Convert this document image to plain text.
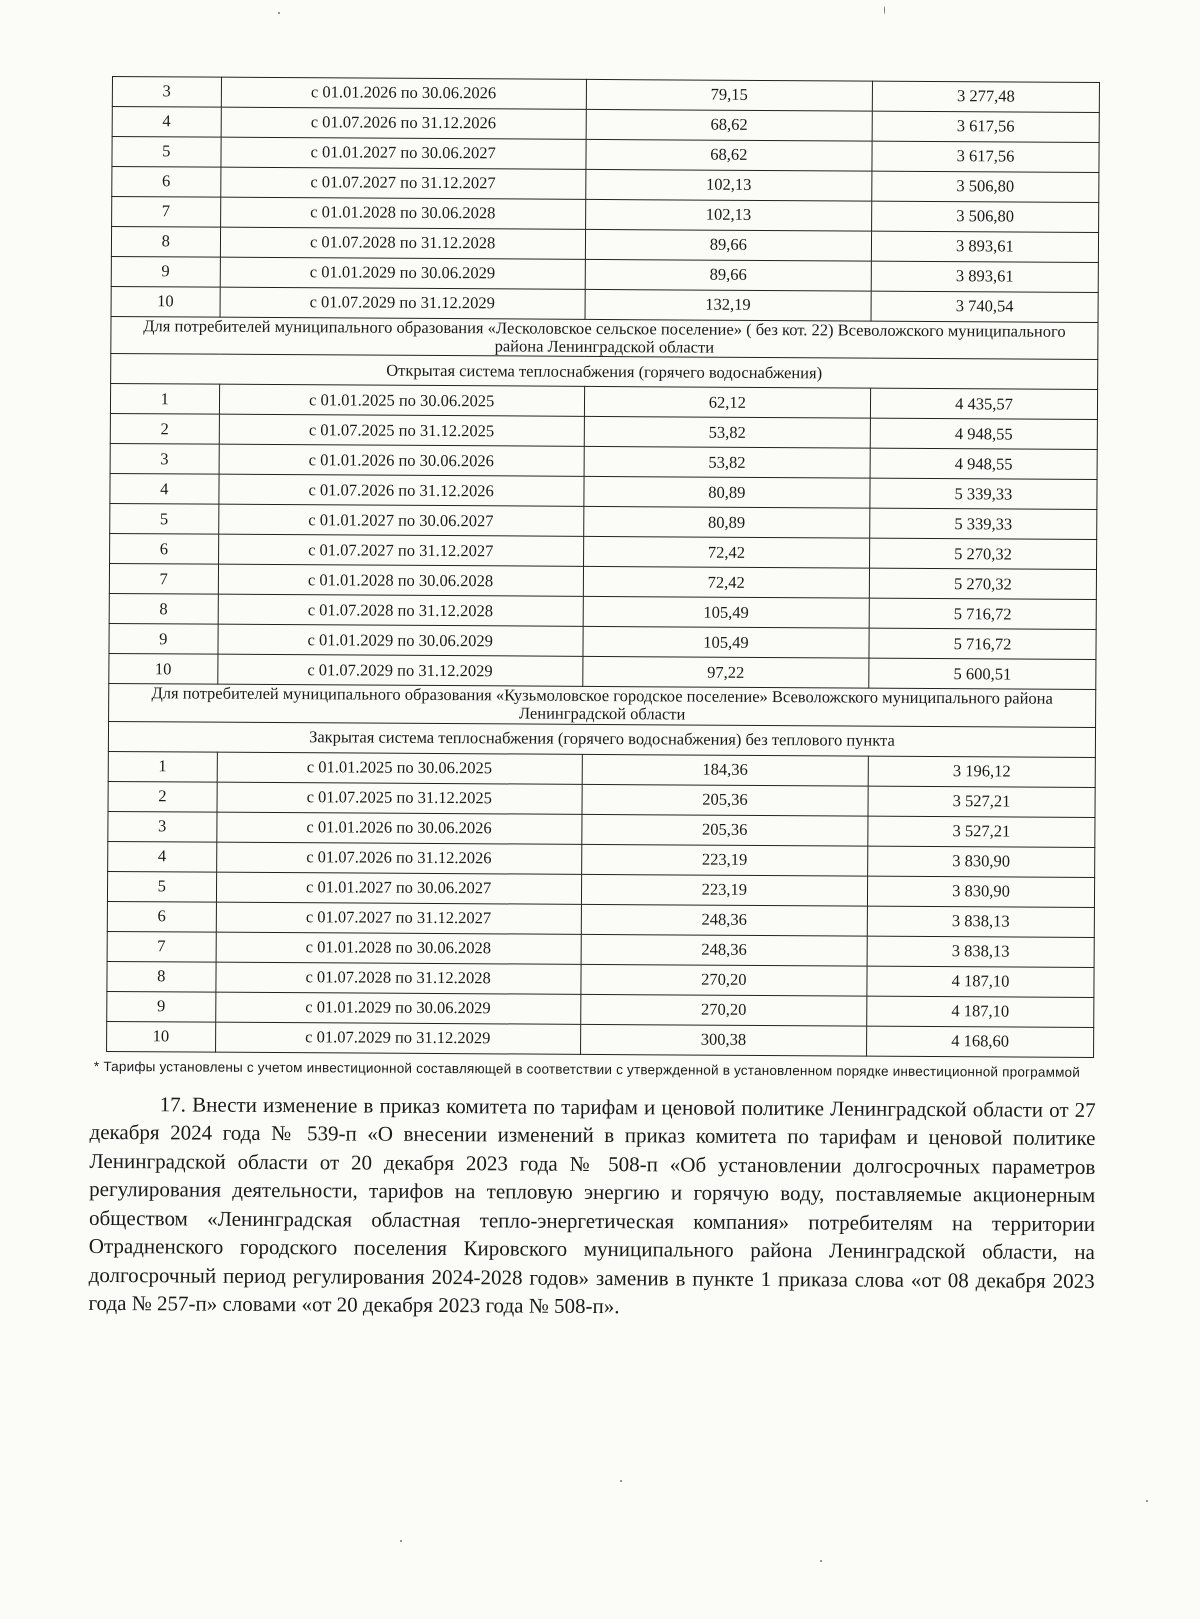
3	с 01.01.2026 по 30.06.2026	79,15	3 277,48
4	с 01.07.2026 по 31.12.2026	68,62	3 617,56
5	с 01.01.2027 по 30.06.2027	68,62	3 617,56
6	с 01.07.2027 по 31.12.2027	102,13	3 506,80
7	с 01.01.2028 по 30.06.2028	102,13	3 506,80
8	с 01.07.2028 по 31.12.2028	89,66	3 893,61
9	с 01.01.2029 по 30.06.2029	89,66	3 893,61
10	с 01.07.2029 по 31.12.2029	132,19	3 740,54
Для потребителей муниципального образования «Лесколовское сельское поселение» ( без кот. 22) Всеволожского муниципального района Ленинградской области			
Открытая система теплоснабжения (горячего водоснабжения)			
1	с 01.01.2025 по 30.06.2025	62,12	4 435,57
2	с 01.07.2025 по 31.12.2025	53,82	4 948,55
3	с 01.01.2026 по 30.06.2026	53,82	4 948,55
4	с 01.07.2026 по 31.12.2026	80,89	5 339,33
5	с 01.01.2027 по 30.06.2027	80,89	5 339,33
6	с 01.07.2027 по 31.12.2027	72,42	5 270,32
7	с 01.01.2028 по 30.06.2028	72,42	5 270,32
8	с 01.07.2028 по 31.12.2028	105,49	5 716,72
9	с 01.01.2029 по 30.06.2029	105,49	5 716,72
10	с 01.07.2029 по 31.12.2029	97,22	5 600,51
Для потребителей муниципального образования «Кузьмоловское городское поселение» Всеволожского муниципального района Ленинградской области			
Закрытая система теплоснабжения (горячего водоснабжения) без теплового пункта			
1	с 01.01.2025 по 30.06.2025	184,36	3 196,12
2	с 01.07.2025 по 31.12.2025	205,36	3 527,21
3	с 01.01.2026 по 30.06.2026	205,36	3 527,21
4	с 01.07.2026 по 31.12.2026	223,19	3 830,90
5	с 01.01.2027 по 30.06.2027	223,19	3 830,90
6	с 01.07.2027 по 31.12.2027	248,36	3 838,13
7	с 01.01.2028 по 30.06.2028	248,36	3 838,13
8	с 01.07.2028 по 31.12.2028	270,20	4 187,10
9	с 01.01.2029 по 30.06.2029	270,20	4 187,10
10	с 01.07.2029 по 31.12.2029	300,38	4 168,60
* Тарифы установлены с учетом инвестиционной составляющей в соответствии с утвержденной в установленном порядке инвестиционной программой
17. Внести изменение в приказ комитета по тарифам и ценовой политике Ленинградской области от 27 декабря 2024 года № 539-п «О внесении изменений в приказ комитета по тарифам и ценовой политике Ленинградской области от 20 декабря 2023 года № 508-п «Об установлении долгосрочных параметров регулирования деятельности, тарифов на тепловую энергию и горячую воду, поставляемые акционерным обществом «Ленинградская областная тепло-энергетическая компания» потребителям на территории Отрадненского городского поселения Кировского муниципального района Ленинградской области, на долгосрочный период регулирования 2024-2028 годов» заменив в пункте 1 приказа слова «от 08 декабря 2023 года № 257-п» словами «от 20 декабря 2023 года № 508-п».
